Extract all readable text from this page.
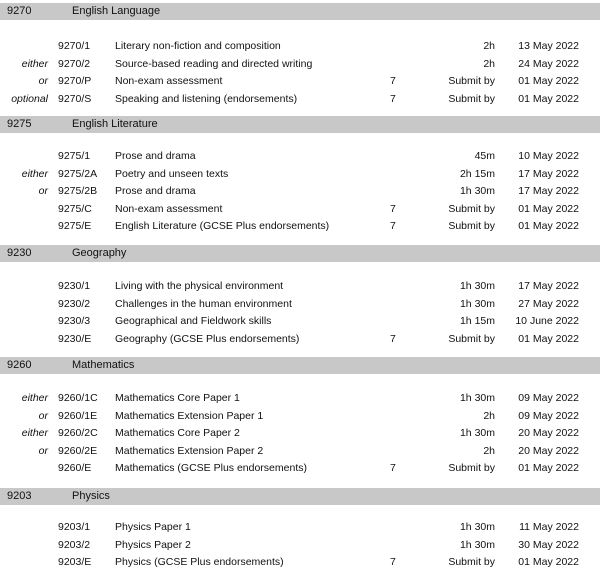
9270	English Language
9270/1 Literary non-fiction and composition	2h 13 May 2022
either 9270/2 Source-based reading and directed writing	2h 24 May 2022
or 9270/P Non-exam assessment	7	Submit by 01 May 2022
optional 9270/S Speaking and listening (endorsements)	7	Submit by 01 May 2022
9275	English Literature
9275/1 Prose and drama	45m 10 May 2022
either 9275/2A Poetry and unseen texts	2h 15m 17 May 2022
or 9275/2B Prose and drama	1h 30m 17 May 2022
9275/C Non-exam assessment	7	Submit by 01 May 2022
9275/E English Literature (GCSE Plus endorsements)	7	Submit by 01 May 2022
9230	Geography
9230/1 Living with the physical environment	1h 30m 17 May 2022
9230/2 Challenges in the human environment	1h 30m 27 May 2022
9230/3 Geographical and Fieldwork skills	1h 15m 10 June 2022
9230/E Geography (GCSE Plus endorsements)	7	Submit by 01 May 2022
9260	Mathematics
either 9260/1C Mathematics Core Paper 1	1h 30m 09 May 2022
or 9260/1E Mathematics Extension Paper 1	2h 09 May 2022
either 9260/2C Mathematics Core Paper 2	1h 30m 20 May 2022
or 9260/2E Mathematics Extension Paper 2	2h 20 May 2022
9260/E Mathematics (GCSE Plus endorsements)	7	Submit by 01 May 2022
9203	Physics
9203/1 Physics Paper 1	1h 30m 11 May 2022
9203/2 Physics Paper 2	1h 30m 30 May 2022
9203/E Physics (GCSE Plus endorsements)	7	Submit by 01 May 2022
